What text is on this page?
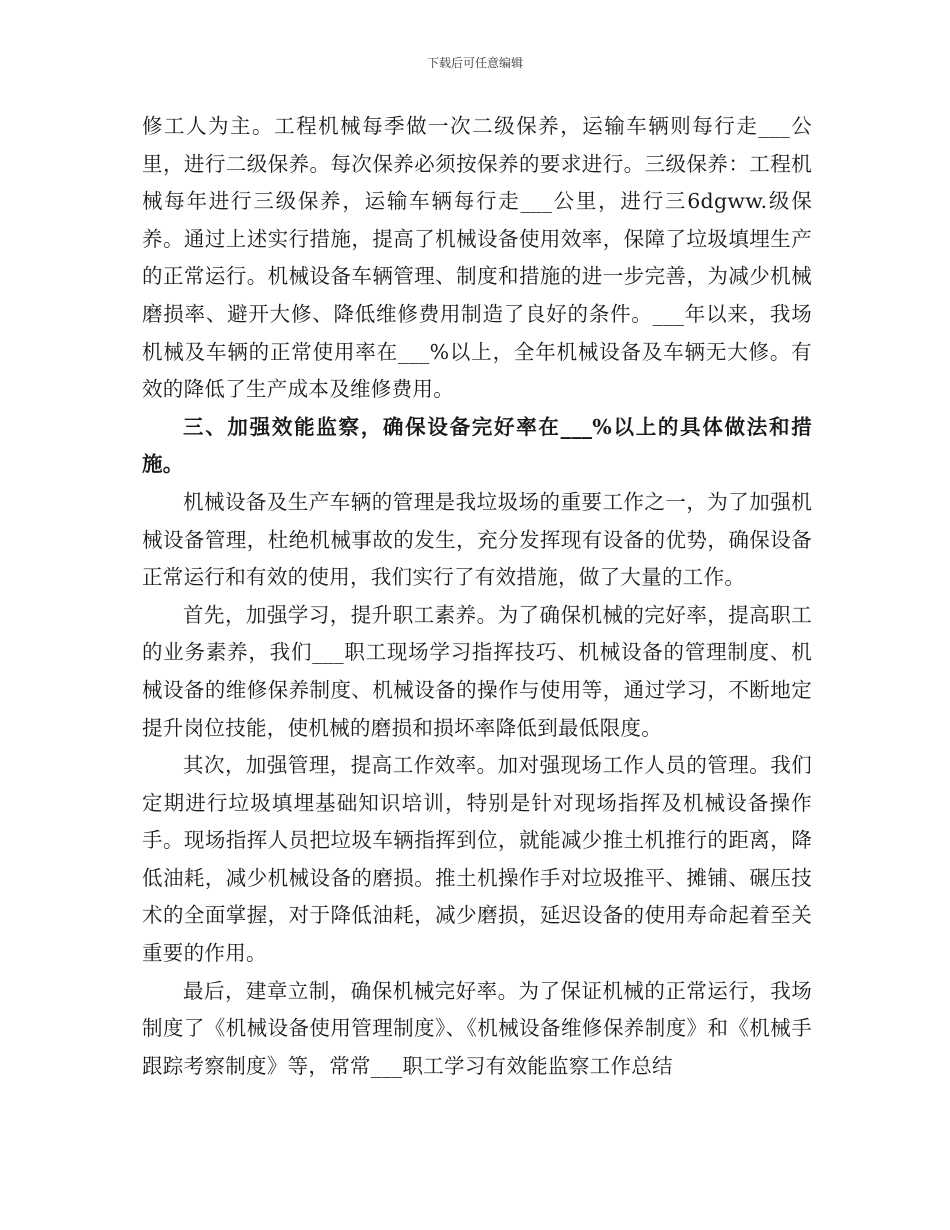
下载后可任意编辑

修工人为主。工程机械每季做一次二级保养，运输车辆则每行走___公里，进行二级保养。每次保养必须按保养的要求进行。三级保养：工程机械每年进行三级保养，运输车辆每行走___公里，进行三6dgww.级保养。通过上述实行措施，提高了机械设备使用效率，保障了垃圾填埋生产的正常运行。机械设备车辆管理、制度和措施的进一步完善，为减少机械磨损率、避开大修、降低维修费用制造了良好的条件。___年以来，我场机械及车辆的正常使用率在___%以上，全年机械设备及车辆无大修。有效的降低了生产成本及维修费用。

三、加强效能监察，确保设备完好率在___%以上的具体做法和措施。

机械设备及生产车辆的管理是我垃圾场的重要工作之一，为了加强机械设备管理，杜绝机械事故的发生，充分发挥现有设备的优势，确保设备正常运行和有效的使用，我们实行了有效措施，做了大量的工作。

首先，加强学习，提升职工素养。为了确保机械的完好率，提高职工的业务素养，我们___职工现场学习指挥技巧、机械设备的管理制度、机械设备的维修保养制度、机械设备的操作与使用等，通过学习，不断地定提升岗位技能，使机械的磨损和损坏率降低到最低限度。

其次，加强管理，提高工作效率。加对强现场工作人员的管理。我们定期进行垃圾填埋基础知识培训，特别是针对现场指挥及机械设备操作手。现场指挥人员把垃圾车辆指挥到位，就能减少推土机推行的距离，降低油耗，减少机械设备的磨损。推土机操作手对垃圾推平、摊铺、碾压技术的全面掌握，对于降低油耗，减少磨损，延迟设备的使用寿命起着至关重要的作用。

最后，建章立制，确保机械完好率。为了保证机械的正常运行，我场制度了《机械设备使用管理制度》、《机械设备维修保养制度》和《机械手跟踪考察制度》等，常常___职工学习有效能监察工作总结
